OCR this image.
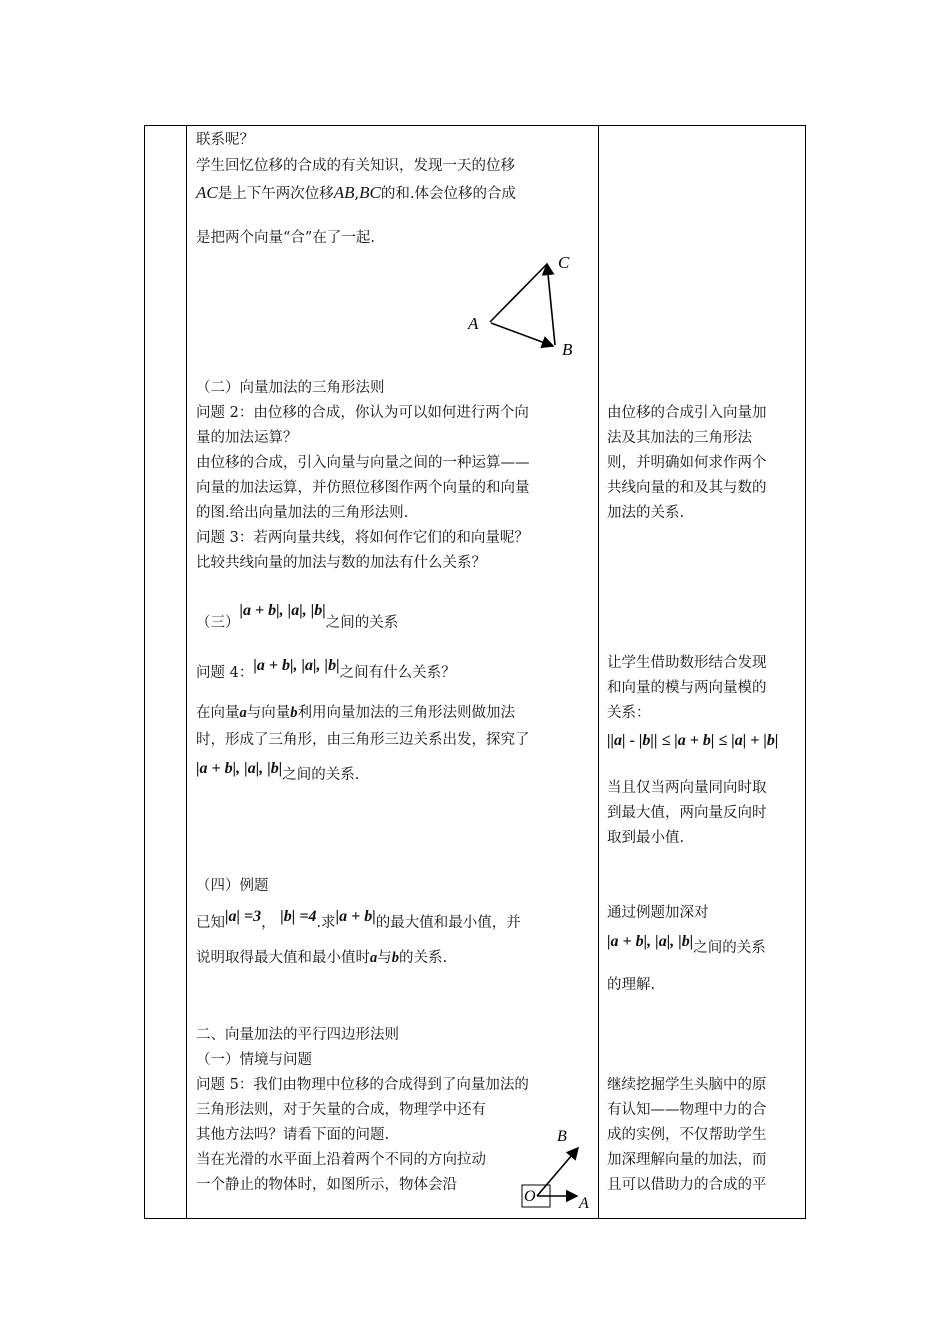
联系呢？
学生回忆位移的合成的有关知识，发现一天的位移
AC是上下午两次位移AB,BC的和.体会位移的合成
是把两个向量“合”在了一起.
A
B
C
（二）向量加法的三角形法则
问题 2：由位移的合成，你认为可以如何进行两个向
量的加法运算？
由位移的合成，引入向量与向量之间的一种运算——
向量的加法运算，并仿照位移图作两个向量的和向量
的图.给出向量加法的三角形法则.
问题 3：若两向量共线，将如何作它们的和向量呢？
比较共线向量的加法与数的加法有什么关系？
（三）|a + b|, |a|, |b|之间的关系
问题 4：|a + b|, |a|, |b|之间有什么关系？
在向量a与向量b利用向量加法的三角形法则做加法
时，形成了三角形，由三角形三边关系出发，探究了
|a + b|, |a|, |b|之间的关系.
（四）例题
已知|a| =3， |b| =4.求|a + b|的最大值和最小值，并
说明取得最大值和最小值时a与b的关系.
二、向量加法的平行四边形法则
（一）情境与问题
问题 5：我们由物理中位移的合成得到了向量加法的
三角形法则，对于矢量的合成，物理学中还有
其他方法吗？请看下面的问题.
当在光滑的水平面上沿着两个不同的方向拉动
一个静止的物体时，如图所示，物体会沿
O	A
B
由位移的合成引入向量加
法及其加法的三角形法
则，并明确如何求作两个
共线向量的和及其与数的
加法的关系.
让学生借助数形结合发现
和向量的模与两向量模的
关系：
||a| - |b|| ≤ |a + b| ≤ |a| + |b|
当且仅当两向量同向时取
到最大值，两向量反向时
取到最小值.
通过例题加深对
|a + b|, |a|, |b|之间的关系
的理解.
继续挖掘学生头脑中的原
有认知——物理中力的合
成的实例，不仅帮助学生
加深理解向量的加法，而
且可以借助力的合成的平
